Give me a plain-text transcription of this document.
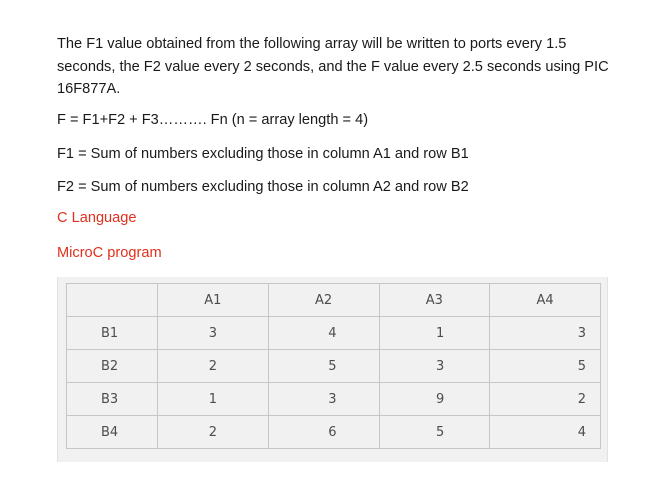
The F1 value obtained from the following array will be written to ports every 1.5 seconds, the F2 value every 2 seconds, and the F value every 2.5 seconds using PIC 16F877A.

F = F1+F2 + F3………. Fn (n = array length = 4)

F1 = Sum of numbers excluding those in column A1 and row B1

F2 = Sum of numbers excluding those in column A2 and row B2

C Language

MicroC program

	A1	A2	A3	A4
B1	3	4	1	3
B2	2	5	3	5
B3	1	3	9	2
B4	2	6	5	4
